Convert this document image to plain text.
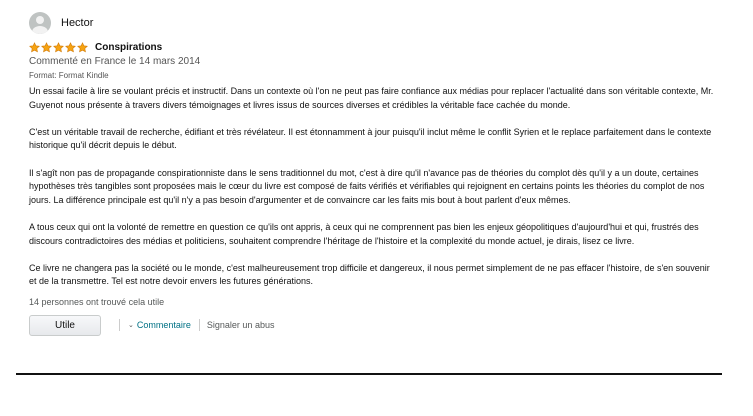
Hector
Conspirations
Commenté en France le 14 mars 2014
Format: Format Kindle

Un essai facile à lire se voulant précis et instructif. Dans un contexte où l'on ne peut pas faire confiance aux médias pour replacer l'actualité dans son véritable contexte, Mr. Guyenot nous présente à travers divers témoignages et livres issus de sources diverses et crédibles la véritable face cachée du monde.

C'est un véritable travail de recherche, édifiant et très révélateur. Il est étonnamment à jour puisqu'il inclut même le conflit Syrien et le replace parfaitement dans le contexte historique qu'il décrit depuis le début.

Il s'agît non pas de propagande conspirationniste dans le sens traditionnel du mot, c'est à dire qu'il n'avance pas de théories du complot dès qu'il y a un doute, certaines hypothèses très tangibles sont proposées mais le cœur du livre est composé de faits vérifiés et vérifiables qui rejoignent en certains points les théories du complot de nos jours. La différence principale est qu'il n'y a pas besoin d'argumenter et de convaincre car les faits mis bout à bout parlent d'eux mêmes.

A tous ceux qui ont la volonté de remettre en question ce qu'ils ont appris, à ceux qui ne comprennent pas bien les enjeux géopolitiques d'aujourd'hui et qui, frustrés des discours contradictoires des médias et politiciens, souhaitent comprendre l'héritage de l'histoire et la complexité du monde actuel, je dirais, lisez ce livre.

Ce livre ne changera pas la société ou le monde, c'est malheureusement trop difficile et dangereux, il nous permet simplement de ne pas effacer l'histoire, de s'en souvenir et de la transmettre. Tel est notre devoir envers les futures générations.

14 personnes ont trouvé cela utile
Utile	⌄ Commentaire Signaler un abus
